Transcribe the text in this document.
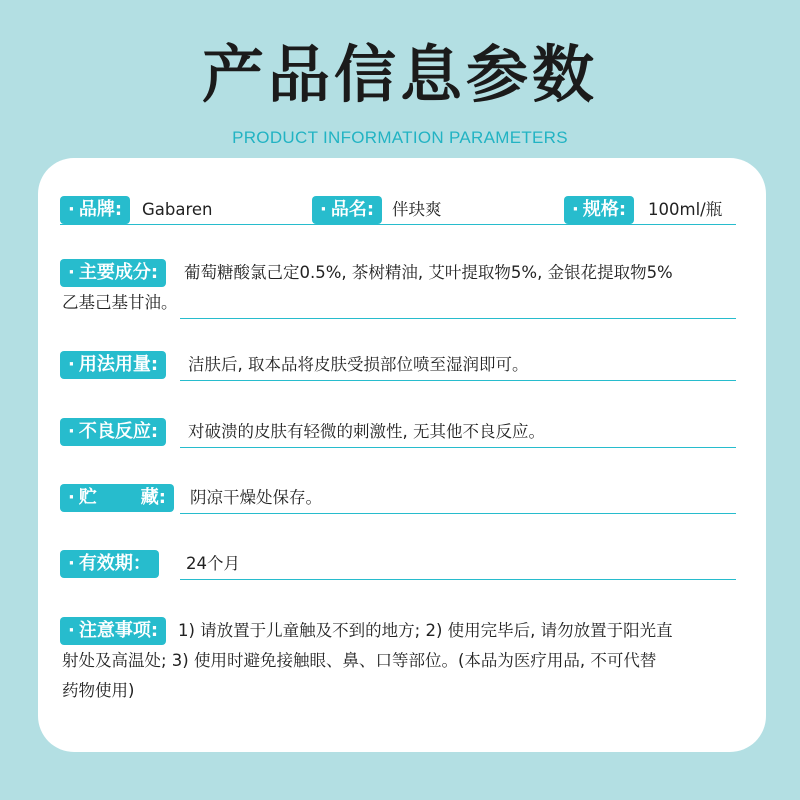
产品信息参数
PRODUCT INFORMATION PARAMETERS
· 品牌:	Gabaren	· 品名:	伴玦爽	· 规格:	100ml/瓶
· 主要成分:	葡萄糖酸氯己定0.5%, 茶树精油, 艾叶提取物5%, 金银花提取物5%
乙基己基甘油。
· 用法用量:	洁肤后, 取本品将皮肤受损部位喷至湿润即可。
· 不良反应:	对破溃的皮肤有轻微的刺激性, 无其他不良反应。
· 贮       藏:	阴凉干燥处保存。
· 有效期：	24个月
· 注意事项:	1) 请放置于儿童触及不到的地方; 2) 使用完毕后, 请勿放置于阳光直
射处及高温处; 3) 使用时避免接触眼、鼻、口等部位。(本品为医疗用品, 不可代替
药物使用)
